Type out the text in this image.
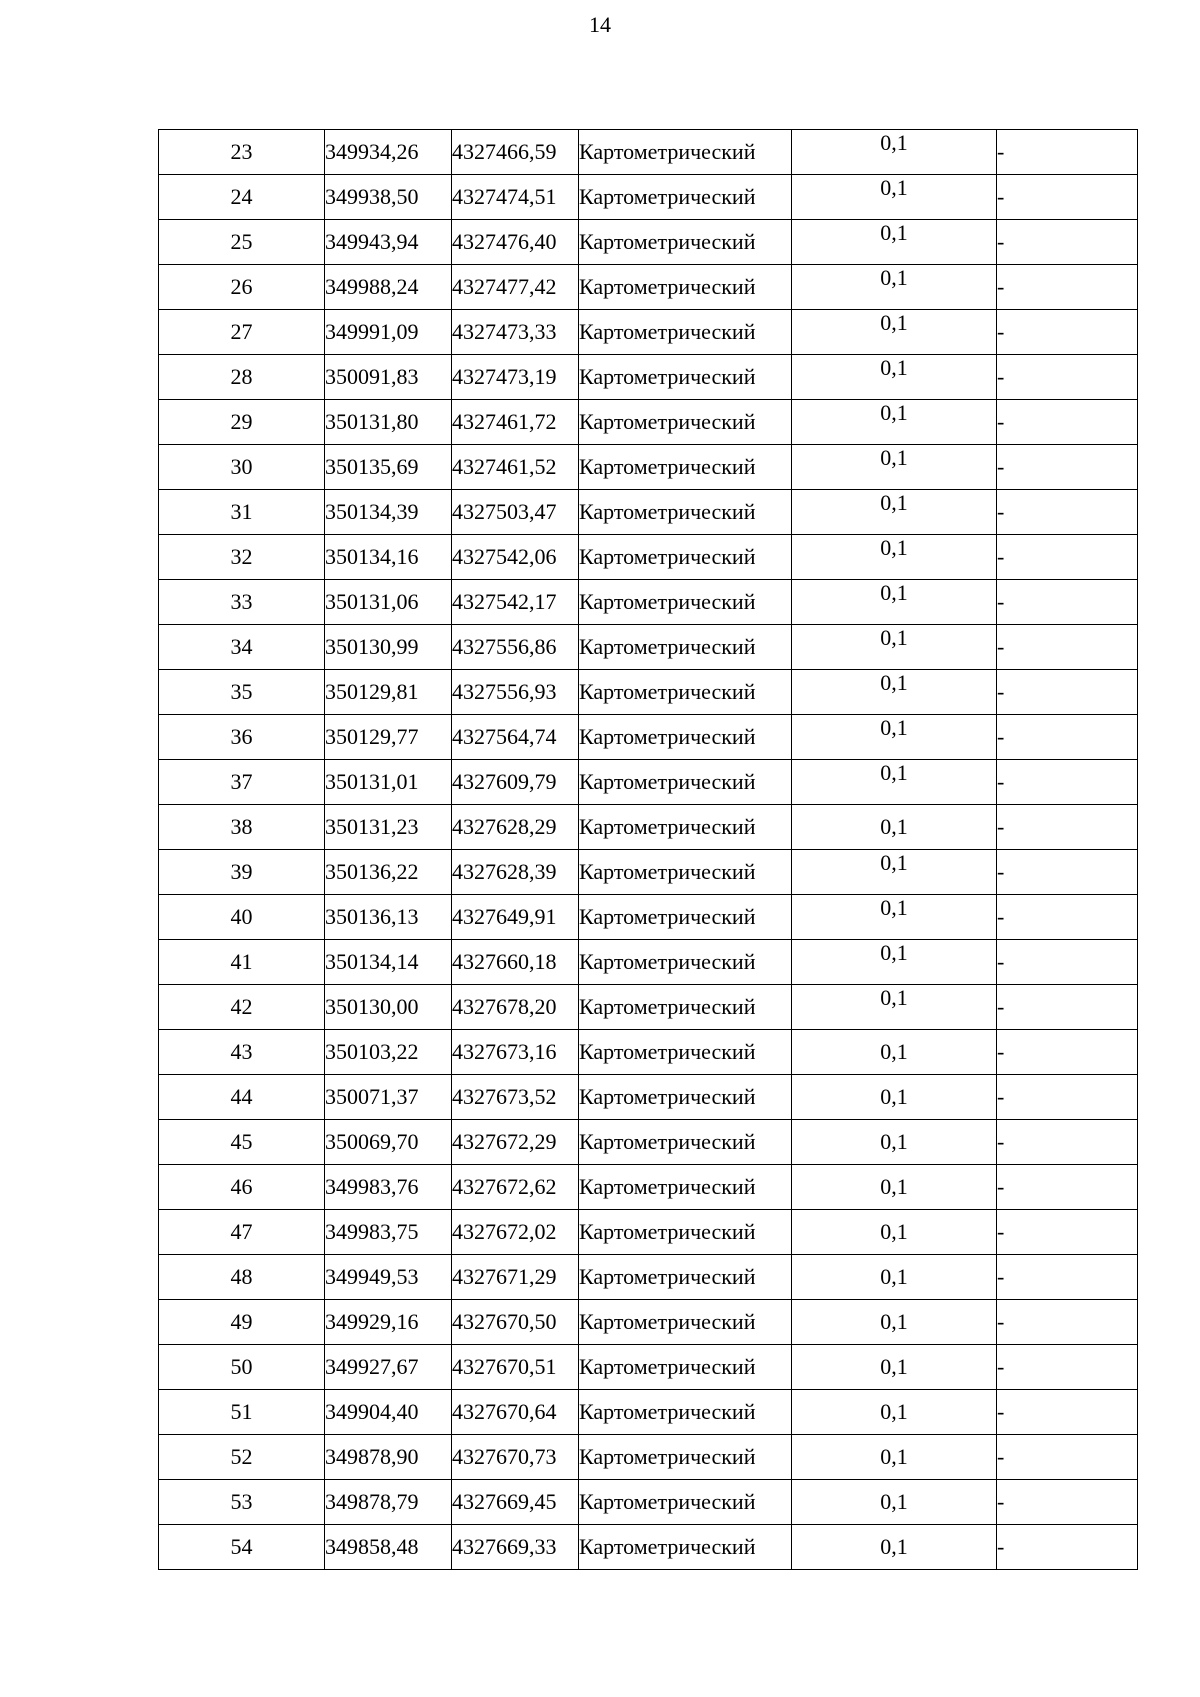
14
23	349934,26	4327466,59	Картометрический	0,1	-
24	349938,50	4327474,51	Картометрический	0,1	-
25	349943,94	4327476,40	Картометрический	0,1	-
26	349988,24	4327477,42	Картометрический	0,1	-
27	349991,09	4327473,33	Картометрический	0,1	-
28	350091,83	4327473,19	Картометрический	0,1	-
29	350131,80	4327461,72	Картометрический	0,1	-
30	350135,69	4327461,52	Картометрический	0,1	-
31	350134,39	4327503,47	Картометрический	0,1	-
32	350134,16	4327542,06	Картометрический	0,1	-
33	350131,06	4327542,17	Картометрический	0,1	-
34	350130,99	4327556,86	Картометрический	0,1	-
35	350129,81	4327556,93	Картометрический	0,1	-
36	350129,77	4327564,74	Картометрический	0,1	-
37	350131,01	4327609,79	Картометрический	0,1	-
38	350131,23	4327628,29	Картометрический	0,1	-
39	350136,22	4327628,39	Картометрический	0,1	-
40	350136,13	4327649,91	Картометрический	0,1	-
41	350134,14	4327660,18	Картометрический	0,1	-
42	350130,00	4327678,20	Картометрический	0,1	-
43	350103,22	4327673,16	Картометрический	0,1	-
44	350071,37	4327673,52	Картометрический	0,1	-
45	350069,70	4327672,29	Картометрический	0,1	-
46	349983,76	4327672,62	Картометрический	0,1	-
47	349983,75	4327672,02	Картометрический	0,1	-
48	349949,53	4327671,29	Картометрический	0,1	-
49	349929,16	4327670,50	Картометрический	0,1	-
50	349927,67	4327670,51	Картометрический	0,1	-
51	349904,40	4327670,64	Картометрический	0,1	-
52	349878,90	4327670,73	Картометрический	0,1	-
53	349878,79	4327669,45	Картометрический	0,1	-
54	349858,48	4327669,33	Картометрический	0,1	-
